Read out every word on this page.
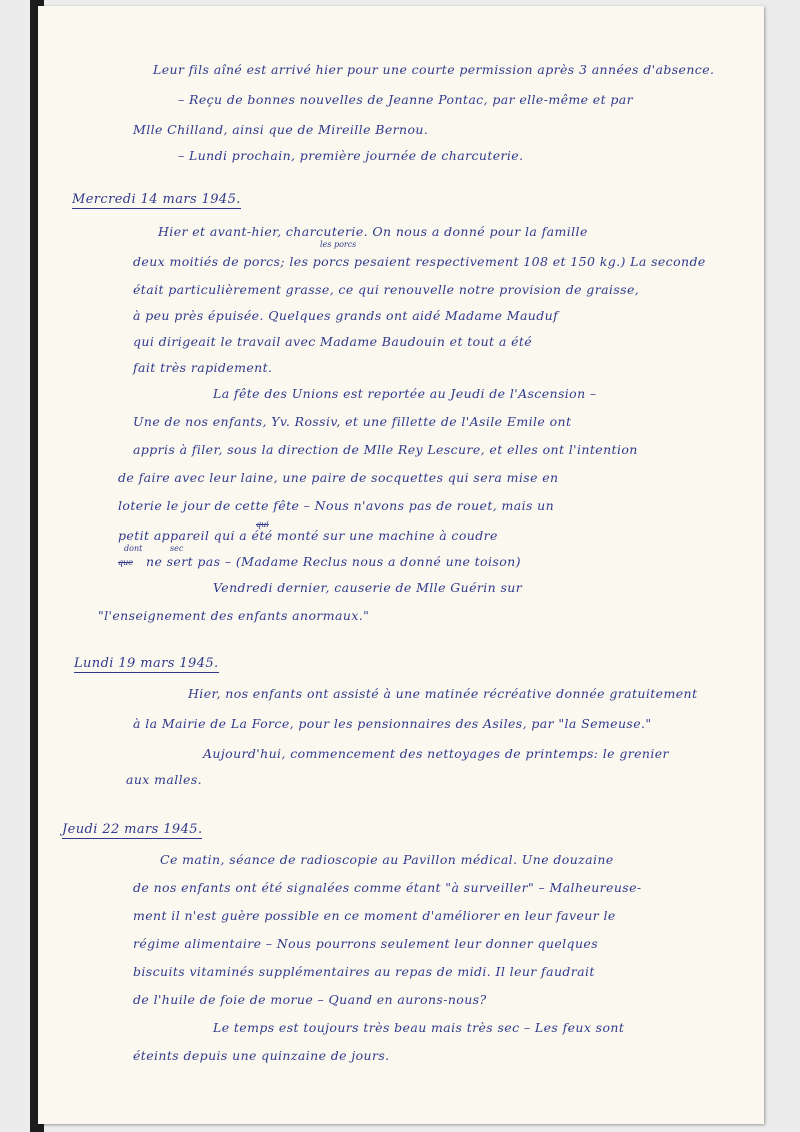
Leur fils aîné est arrivé hier pour une courte permission après 3 années d'absence.

– Reçu de bonnes nouvelles de Jeanne Pontac, par elle-même et par

Mlle Chilland, ainsi que de Mireille Bernou.

– Lundi prochain, première journée de charcuterie.

Mercredi 14 mars 1945.

Hier et avant-hier, charcuterie. On nous a donné pour la famille

les porcs

deux moitiés de porcs; les porcs pesaient respectivement 108 et 150 kg.) La seconde

était particulièrement grasse, ce qui renouvelle notre provision de graisse,

à peu près épuisée. Quelques grands ont aidé Madame Mauduf

qui dirigeait le travail avec Madame Baudouin et tout a été

fait très rapidement.

La fête des Unions est reportée au Jeudi de l'Ascension –

Une de nos enfants, Yv. Rossiv, et une fillette de l'Asile Emile ont

appris à filer, sous la direction de Mlle Rey Lescure, et elles ont l'intention

de faire avec leur laine, une paire de socquettes qui sera mise en

loterie le jour de cette fête – Nous n'avons pas de rouet, mais un

qui

petit appareil qui a été monté sur une machine à coudre

dont	sec

que ne sert pas – (Madame Reclus nous a donné une toison)

Vendredi dernier, causerie de Mlle Guérin sur

"l'enseignement des enfants anormaux."

Lundi 19 mars 1945.

Hier, nos enfants ont assisté à une matinée récréative donnée gratuitement

à la Mairie de La Force, pour les pensionnaires des Asiles, par "la Semeuse."

Aujourd'hui, commencement des nettoyages de printemps: le grenier

aux malles.

Jeudi 22 mars 1945.

Ce matin, séance de radioscopie au Pavillon médical. Une douzaine

de nos enfants ont été signalées comme étant "à surveiller" – Malheureuse-

ment il n'est guère possible en ce moment d'améliorer en leur faveur le

régime alimentaire – Nous pourrons seulement leur donner quelques

biscuits vitaminés supplémentaires au repas de midi. Il leur faudrait

de l'huile de foie de morue – Quand en aurons-nous?

Le temps est toujours très beau mais très sec – Les feux sont

éteints depuis une quinzaine de jours.
